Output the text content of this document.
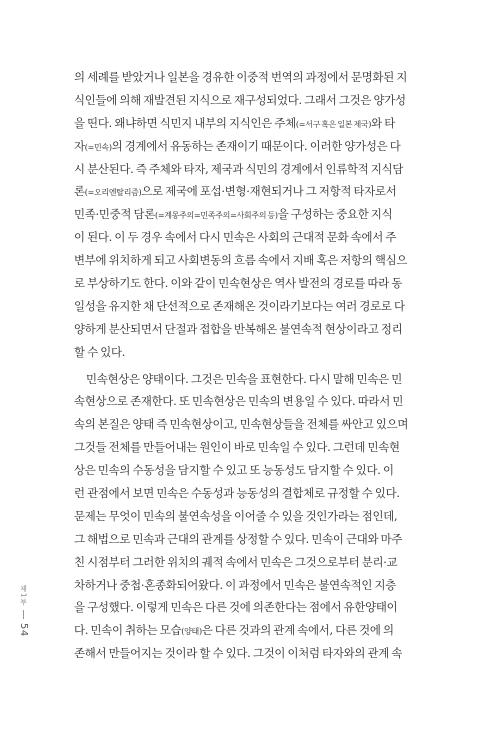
의 세례를 받았거나 일본을 경유한 이중적 번역의 과정에서 문명화된 지
식인들에 의해 재발견된 지식으로 재구성되었다. 그래서 그것은 양가성
을 띤다. 왜냐하면 식민지 내부의 지식인은 주체(=서구 혹은 일본 제국)와 타
자(=민속)의 경계에서 유동하는 존재이기 때문이다. 이러한 양가성은 다
시 분산된다. 즉 주체와 타자, 제국과 식민의 경계에서 인류학적 지식담
론(=오리엔탈리즘)으로 제국에 포섭·변형·재현되거나 그 저항적 타자로서
민족·민중적 담론(=계몽주의=민족주의=사회주의 등)을 구성하는 중요한 지식
이 된다. 이 두 경우 속에서 다시 민속은 사회의 근대적 문화 속에서 주
변부에 위치하게 되고 사회변동의 흐름 속에서 지배 혹은 저항의 핵심으
로 부상하기도 한다. 이와 같이 민속현상은 역사 발전의 경로를 따라 동
일성을 유지한 채 단선적으로 존재해온 것이라기보다는 여러 경로로 다
양하게 분산되면서 단절과 접합을 반복해온 불연속적 현상이라고 정리
할 수 있다.
민속현상은 양태이다. 그것은 민속을 표현한다. 다시 말해 민속은 민
속현상으로 존재한다. 또 민속현상은 민속의 변용일 수 있다. 따라서 민
속의 본질은 양태 즉 민속현상이고, 민속현상들을 전체를 싸안고 있으며
그것들 전체를 만들어내는 원인이 바로 민속일 수 있다. 그런데 민속현
상은 민속의 수동성을 담지할 수 있고 또 능동성도 담지할 수 있다. 이
런 관점에서 보면 민속은 수동성과 능동성의 결합체로 규정할 수 있다.
문제는 무엇이 민속의 불연속성을 이어줄 수 있을 것인가라는 점인데,
그 해법으로 민속과 근대의 관계를 상정할 수 있다. 민속이 근대와 마주
친 시점부터 그러한 위치의 궤적 속에서 민속은 그것으로부터 분리·교
차하거나 중첩·혼종화되어왔다. 이 과정에서 민속은 불연속적인 지층
을 구성했다. 이렇게 민속은 다른 것에 의존한다는 점에서 유한양태이
다. 민속이 취하는 모습(양태)은 다른 것과의 관계 속에서, 다른 것에 의
존해서 만들어지는 것이라 할 수 있다. 그것이 이처럼 타자와의 관계 속
제1부
54
